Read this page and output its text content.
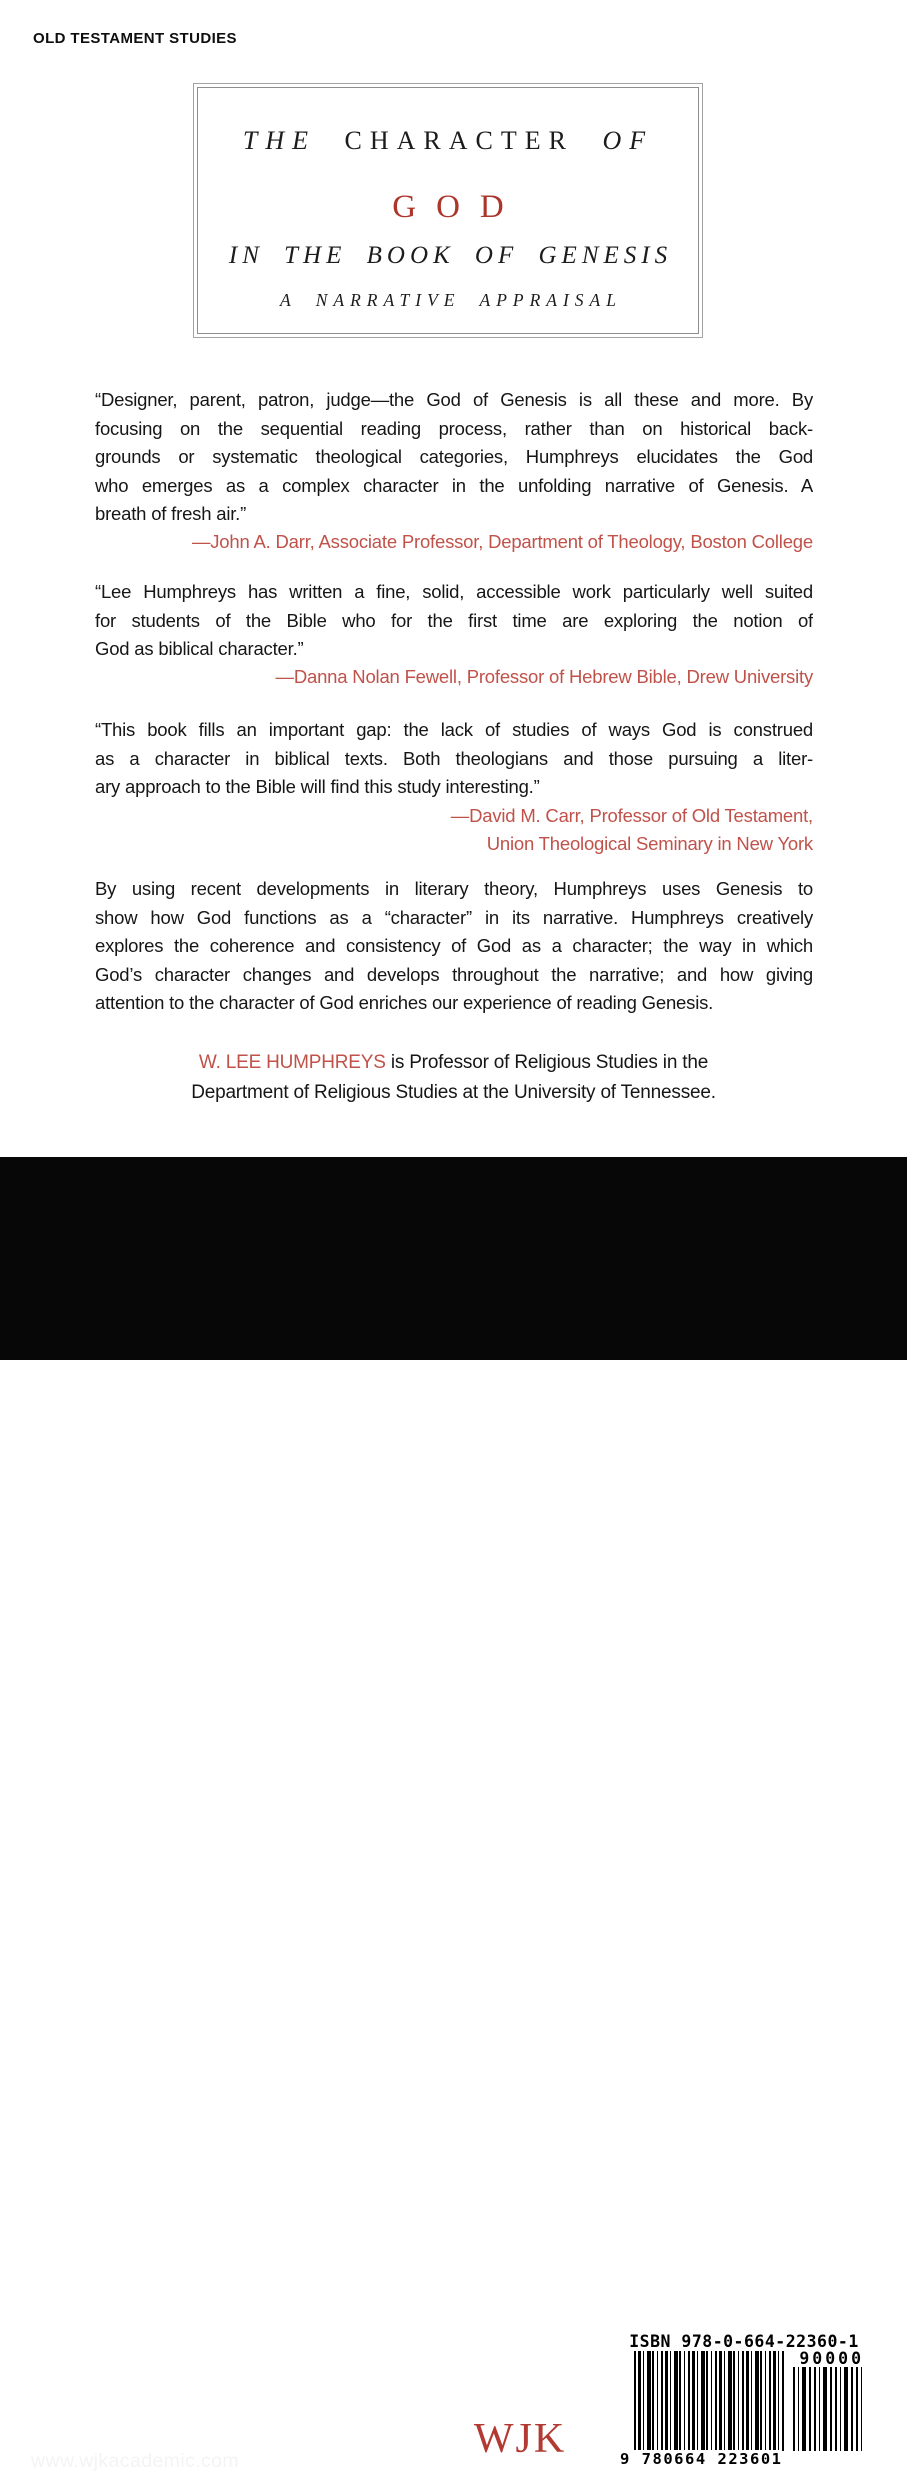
OLD TESTAMENT STUDIES
THE CHARACTER OF
GOD
IN THE BOOK OF GENESIS
A NARRATIVE APPRAISAL
“Designer, parent, patron, judge—the God of Genesis is all these and more. By
focusing on the sequential reading process, rather than on historical back-
grounds or systematic theological categories, Humphreys elucidates the God
who emerges as a complex character in the unfolding narrative of Genesis. A
breath of fresh air.”
—John A. Darr, Associate Professor, Department of Theology, Boston College
“Lee Humphreys has written a fine, solid, accessible work particularly well suited
for students of the Bible who for the first time are exploring the notion of
God as biblical character.”
—Danna Nolan Fewell, Professor of Hebrew Bible, Drew University
“This book fills an important gap: the lack of studies of ways God is construed
as a character in biblical texts. Both theologians and those pursuing a liter-
ary approach to the Bible will find this study interesting.”
—David M. Carr, Professor of Old Testament,
Union Theological Seminary in New York
By using recent developments in literary theory, Humphreys uses Genesis to
show how God functions as a “character” in its narrative. Humphreys creatively
explores the coherence and consistency of God as a character; the way in which
God’s character changes and develops throughout the narrative; and how giving
attention to the character of God enriches our experience of reading Genesis.
W. LEE HUMPHREYS is Professor of Religious Studies in the
Department of Religious Studies at the University of Tennessee.
www.wjkacademic.com
LOUISVILLE
WJK
LONDON LEIDEN
ISBN 978-0-664-22360-1
90000
9 780664 223601
